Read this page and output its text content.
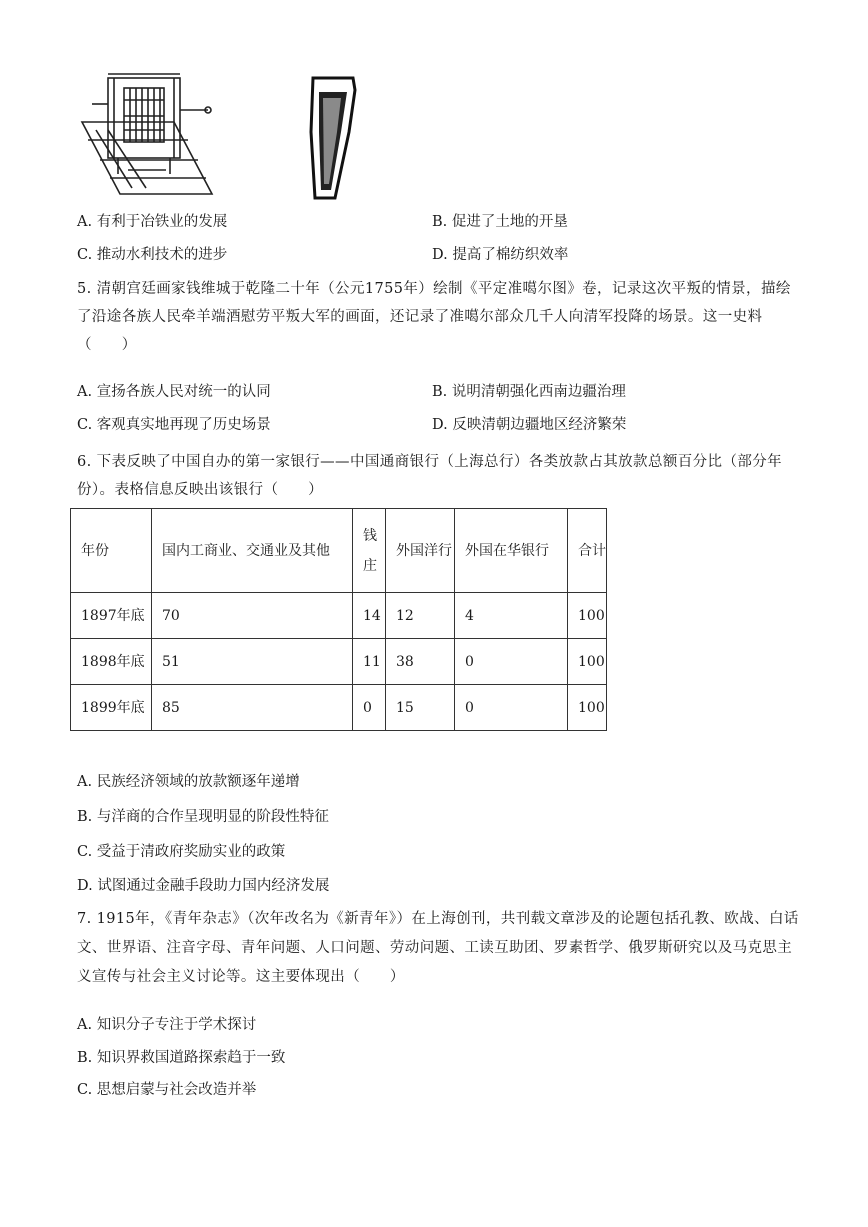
A. 有利于冶铁业的发展	B. 促进了土地的开垦
C. 推动水利技术的进步	D. 提高了棉纺织效率
5. 清朝宫廷画家钱维城于乾隆二十年（公元1755年）绘制《平定准噶尔图》卷，记录这次平叛的情景，描绘了沿途各族人民牵羊端酒慰劳平叛大军的画面，还记录了准噶尔部众几千人向清军投降的场景。这一史料（　　）
A. 宣扬各族人民对统一的认同	B. 说明清朝强化西南边疆治理
C. 客观真实地再现了历史场景	D. 反映清朝边疆地区经济繁荣
6. 下表反映了中国自办的第一家银行——中国通商银行（上海总行）各类放款占其放款总额百分比（部分年份）。表格信息反映出该银行（　　）
年份	国内工商业、交通业及其他	钱庄	外国洋行	外国在华银行	合计
1897年底	70	14	12	4	100
1898年底	51	11	38	0	100
1899年底	85	0	15	0	100
A. 民族经济领域的放款额逐年递增
B. 与洋商的合作呈现明显的阶段性特征
C. 受益于清政府奖励实业的政策
D. 试图通过金融手段助力国内经济发展
7. 1915年，《青年杂志》（次年改名为《新青年》）在上海创刊，共刊载文章涉及的论题包括孔教、欧战、白话文、世界语、注音字母、青年问题、人口问题、劳动问题、工读互助团、罗素哲学、俄罗斯研究以及马克思主义宣传与社会主义讨论等。这主要体现出（　　）
A. 知识分子专注于学术探讨
B. 知识界救国道路探索趋于一致
C. 思想启蒙与社会改造并举
